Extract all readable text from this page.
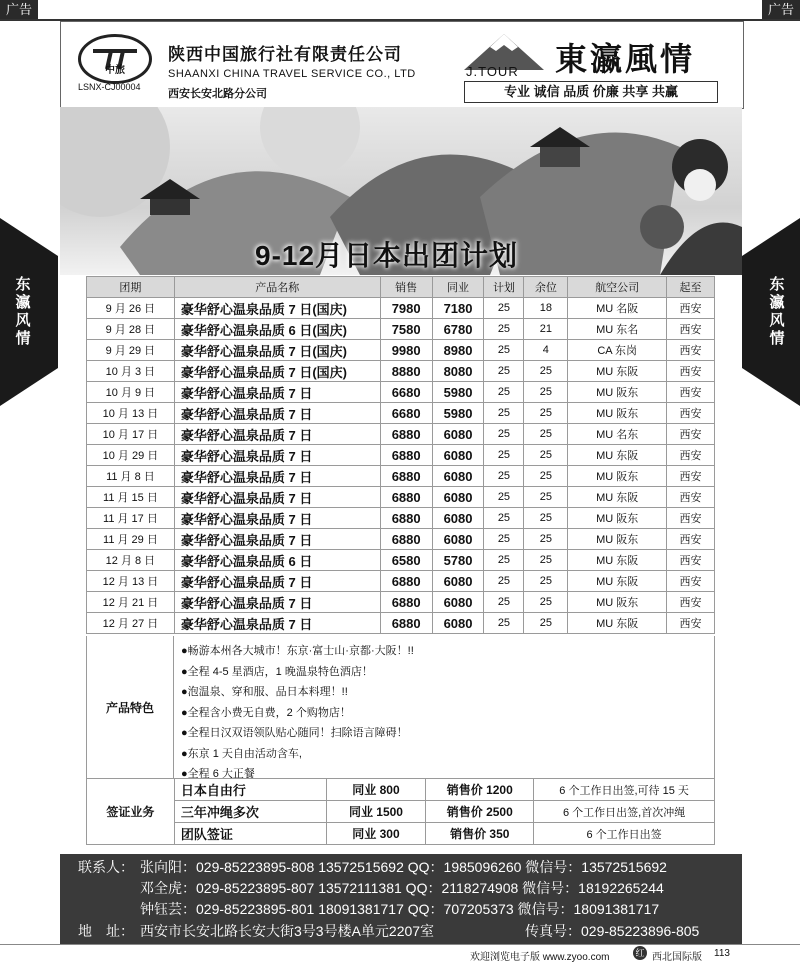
广告	广告
东
瀛
风
情
东
瀛
风
情
中旅
LSNX-CJ00004
陕西中国旅行社有限责任公司
SHAANXI CHINA TRAVEL SERVICE CO., LTD
西安长安北路分公司
J.TOUR 東瀛風情
专业 诚信 品质 价廉 共享 共赢
9-12月日本出团计划
团期	产品名称	销售	同业	计划	余位	航空公司	起至
9 月 26 日	豪华舒心温泉品质 7 日(国庆)	7980	7180	25	18	MU 名阪	西安
9 月 28 日	豪华舒心温泉品质 6 日(国庆)	7580	6780	25	21	MU 东名	西安
9 月 29 日	豪华舒心温泉品质 7 日(国庆)	9980	8980	25	4	CA 东岗	西安
10 月 3 日	豪华舒心温泉品质 7 日(国庆)	8880	8080	25	25	MU 东阪	西安
10 月 9 日	豪华舒心温泉品质 7 日	6680	5980	25	25	MU 阪东	西安
10 月 13 日	豪华舒心温泉品质 7 日	6680	5980	25	25	MU 阪东	西安
10 月 17 日	豪华舒心温泉品质 7 日	6880	6080	25	25	MU 名东	西安
10 月 29 日	豪华舒心温泉品质 7 日	6880	6080	25	25	MU 东阪	西安
11 月 8 日	豪华舒心温泉品质 7 日	6880	6080	25	25	MU 阪东	西安
11 月 15 日	豪华舒心温泉品质 7 日	6880	6080	25	25	MU 东阪	西安
11 月 17 日	豪华舒心温泉品质 7 日	6880	6080	25	25	MU 阪东	西安
11 月 29 日	豪华舒心温泉品质 7 日	6880	6080	25	25	MU 阪东	西安
12 月 8 日	豪华舒心温泉品质 6 日	6580	5780	25	25	MU 东阪	西安
12 月 13 日	豪华舒心温泉品质 7 日	6880	6080	25	25	MU 东阪	西安
12 月 21 日	豪华舒心温泉品质 7 日	6880	6080	25	25	MU 阪东	西安
12 月 27 日	豪华舒心温泉品质 7 日	6880	6080	25	25	MU 东阪	西安
产品特色
●畅游本州各大城市！东京·富士山·京都·大阪！!!
●全程 4-5 星酒店，1 晚温泉特色酒店！
●泡温泉、穿和服、品日本料理！!!
●全程含小费无自费，2 个购物店！
●全程日汉双语领队贴心随同！扫除语言障碍！
●东京 1 天自由活动含车,
●全程 6 大正餐
签证业务	日本自由行	同业 800	销售价 1200	6 个工作日出签,可待 15 天
	三年冲绳多次	同业 1500	销售价 2500	6 个工作日出签,首次冲绳
	团队签证	同业 300	销售价 350	6 个工作日出签
联系人： 张向阳：029-85223895-808 13572515692 QQ：1985096260 微信号：13572515692
邓全虎：029-85223895-807 13572111381 QQ：2118274908 微信号：18192265244
钟钰芸：029-85223895-801 18091381717 QQ：707205373 微信号：18091381717
地　址： 西安市长安北路长安大街3号3号楼A单元2207室	传真号：029-85223896-805
欢迎浏览电子版 www.zyoo.com	红 西北国际版 113
